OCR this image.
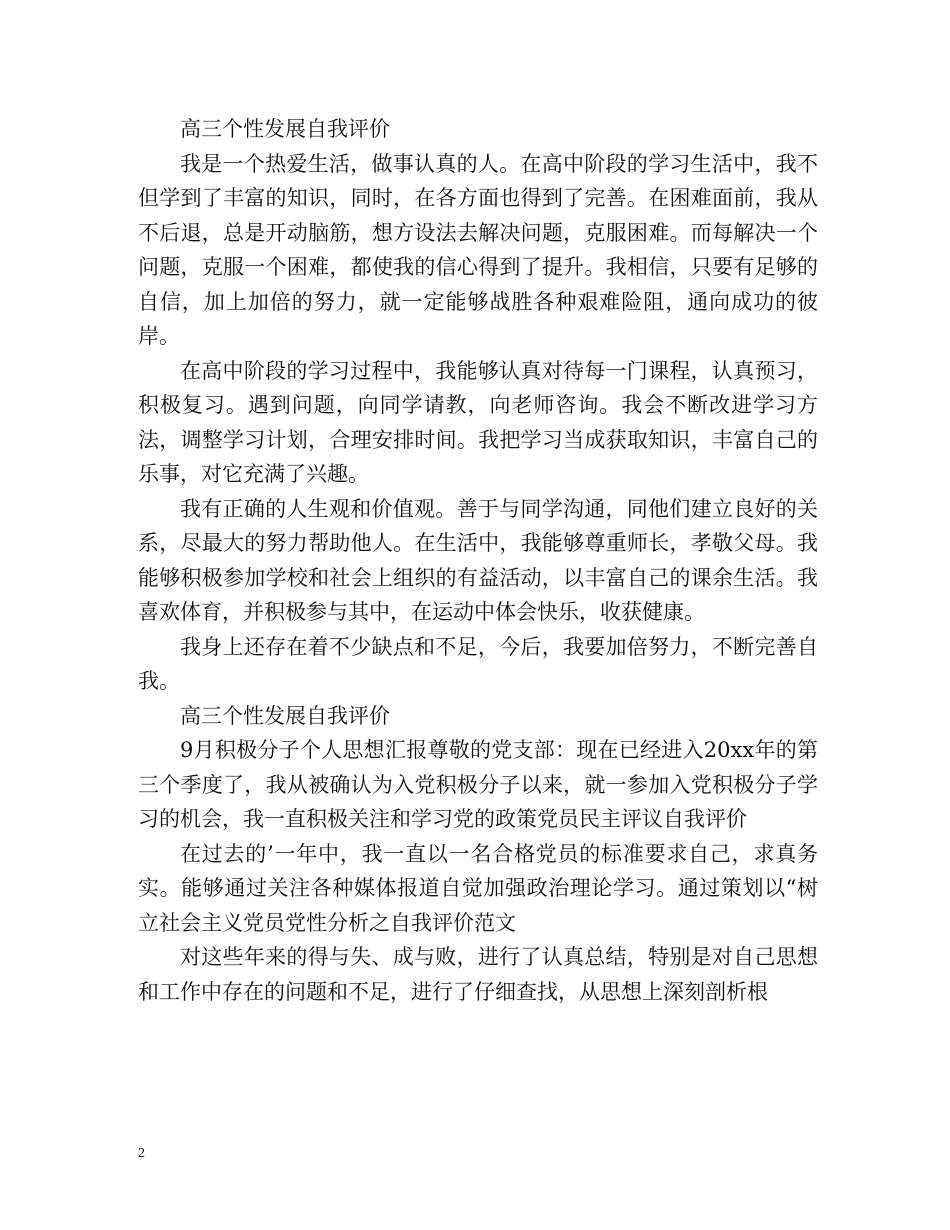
高三个性发展自我评价

我是一个热爱生活，做事认真的人。在高中阶段的学习生活中，我不但学到了丰富的知识，同时，在各方面也得到了完善。在困难面前，我从不后退，总是开动脑筋，想方设法去解决问题，克服困难。而每解决一个问题，克服一个困难，都使我的信心得到了提升。我相信，只要有足够的自信，加上加倍的努力，就一定能够战胜各种艰难险阻，通向成功的彼岸。

在高中阶段的学习过程中，我能够认真对待每一门课程，认真预习，积极复习。遇到问题，向同学请教，向老师咨询。我会不断改进学习方法，调整学习计划，合理安排时间。我把学习当成获取知识，丰富自己的乐事，对它充满了兴趣。

我有正确的人生观和价值观。善于与同学沟通，同他们建立良好的关系，尽最大的努力帮助他人。在生活中，我能够尊重师长，孝敬父母。我能够积极参加学校和社会上组织的有益活动，以丰富自己的课余生活。我喜欢体育，并积极参与其中，在运动中体会快乐，收获健康。

我身上还存在着不少缺点和不足，今后，我要加倍努力，不断完善自我。

高三个性发展自我评价

9月积极分子个人思想汇报尊敬的党支部：现在已经进入20xx年的第三个季度了，我从被确认为入党积极分子以来，就一参加入党积极分子学习的机会，我一直积极关注和学习党的政策党员民主评议自我评价

在过去的’一年中，我一直以一名合格党员的标准要求自己，求真务实。能够通过关注各种媒体报道自觉加强政治理论学习。通过策划以“树立社会主义党员党性分析之自我评价范文

对这些年来的得与失、成与败，进行了认真总结，特别是对自己思想和工作中存在的问题和不足，进行了仔细查找，从思想上深刻剖析根

2
